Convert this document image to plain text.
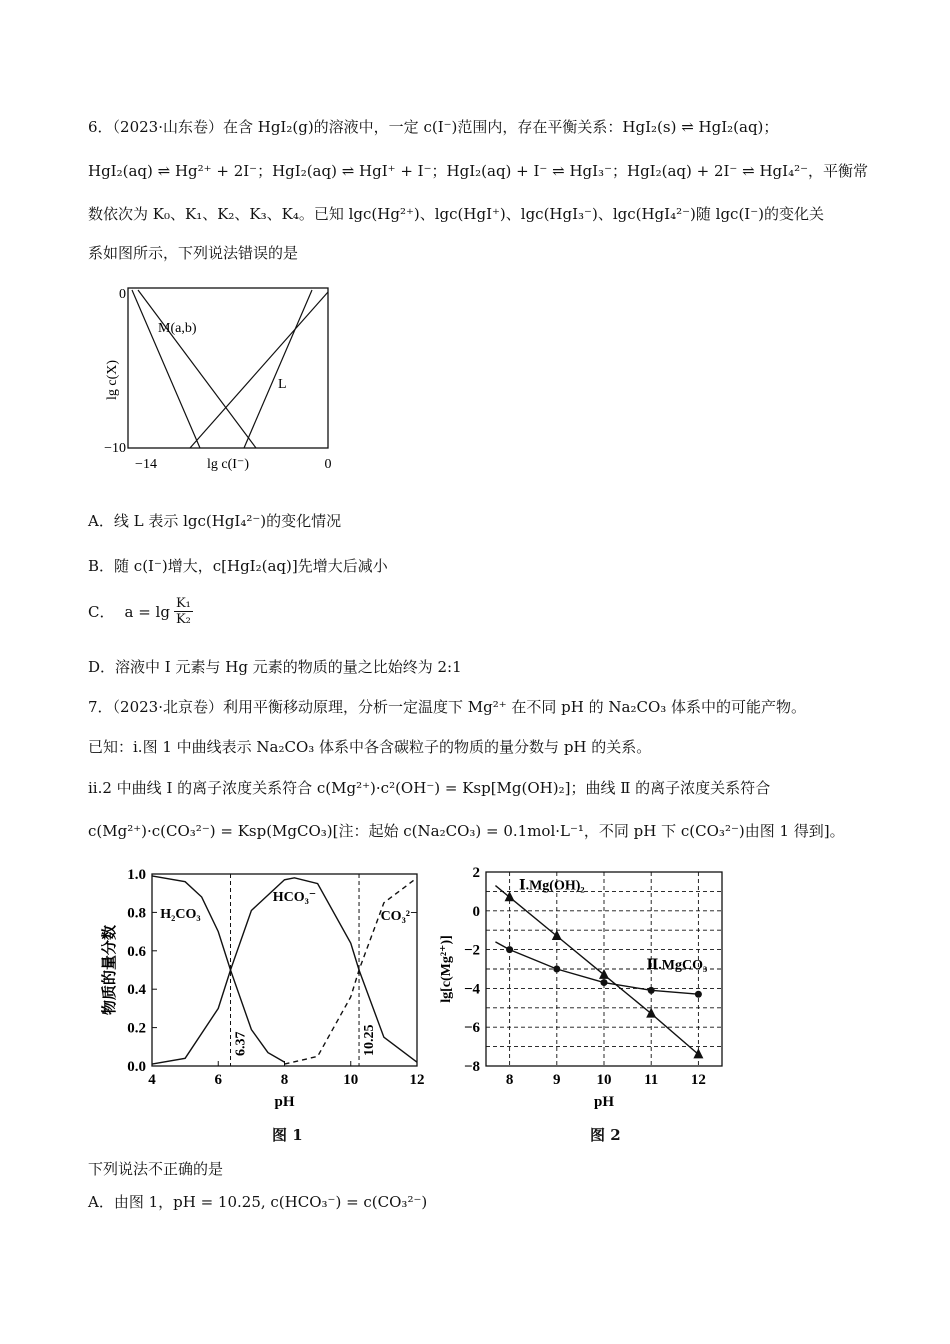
6．（2023·山东卷）在含 HgI₂(g)的溶液中，一定 c(I⁻)范围内，存在平衡关系：HgI₂(s) ⇌ HgI₂(aq)；
HgI₂(aq) ⇌ Hg²⁺ + 2I⁻；HgI₂(aq) ⇌ HgI⁺ + I⁻；HgI₂(aq) + I⁻ ⇌ HgI₃⁻；HgI₂(aq) + 2I⁻ ⇌ HgI₄²⁻，平衡常
数依次为 K₀、K₁、K₂、K₃、K₄。已知 lgc(Hg²⁺)、lgc(HgI⁺)、lgc(HgI₃⁻)、lgc(HgI₄²⁻)随 lgc(I⁻)的变化关
系如图所示，下列说法错误的是
0
−10
−14	0
lg c(I⁻)
lg c(X)
M(a,b)
L
A．线 L 表示 lgc(HgI₄²⁻)的变化情况
B．随 c(I⁻)增大，c[HgI₂(aq)]先增大后减小
C． $a = \lg \frac{\text{K₁}}{\text{K₂}}$
D．溶液中 I 元素与 Hg 元素的物质的量之比始终为 2:1
7．（2023·北京卷）利用平衡移动原理，分析一定温度下 Mg²⁺ 在不同 pH 的 Na₂CO₃ 体系中的可能产物。
已知：i.图 1 中曲线表示 Na₂CO₃ 体系中各含碳粒子的物质的量分数与 pH 的关系。
ii.2 中曲线 Ⅰ 的离子浓度关系符合 c(Mg²⁺)·c²(OH⁻) = Ksp[Mg(OH)₂]；曲线 Ⅱ 的离子浓度关系符合
c(Mg²⁺)·c(CO₃²⁻) = Ksp(MgCO₃)[注：起始 c(Na₂CO₃) = 0.1mol·L⁻¹，不同 pH 下 c(CO₃²⁻)由图 1 得到]。
0.0
0.2
0.4
0.6
0.8
1.0
4	6	8	10	12
pH
物质的量分数
6.37	10.25
H₂CO₃
HCO₃⁻
CO₃²⁻
图 1
2
0
−2
−4
−6
−8
8	9 10 11 12
pH
lg[c(Mg²⁺)]
Ⅰ.Mg(OH)₂
Ⅱ.MgCO₃
图 2
下列说法不正确的是
A．由图 1，pH = 10.25, c(HCO₃⁻) = c(CO₃²⁻)
